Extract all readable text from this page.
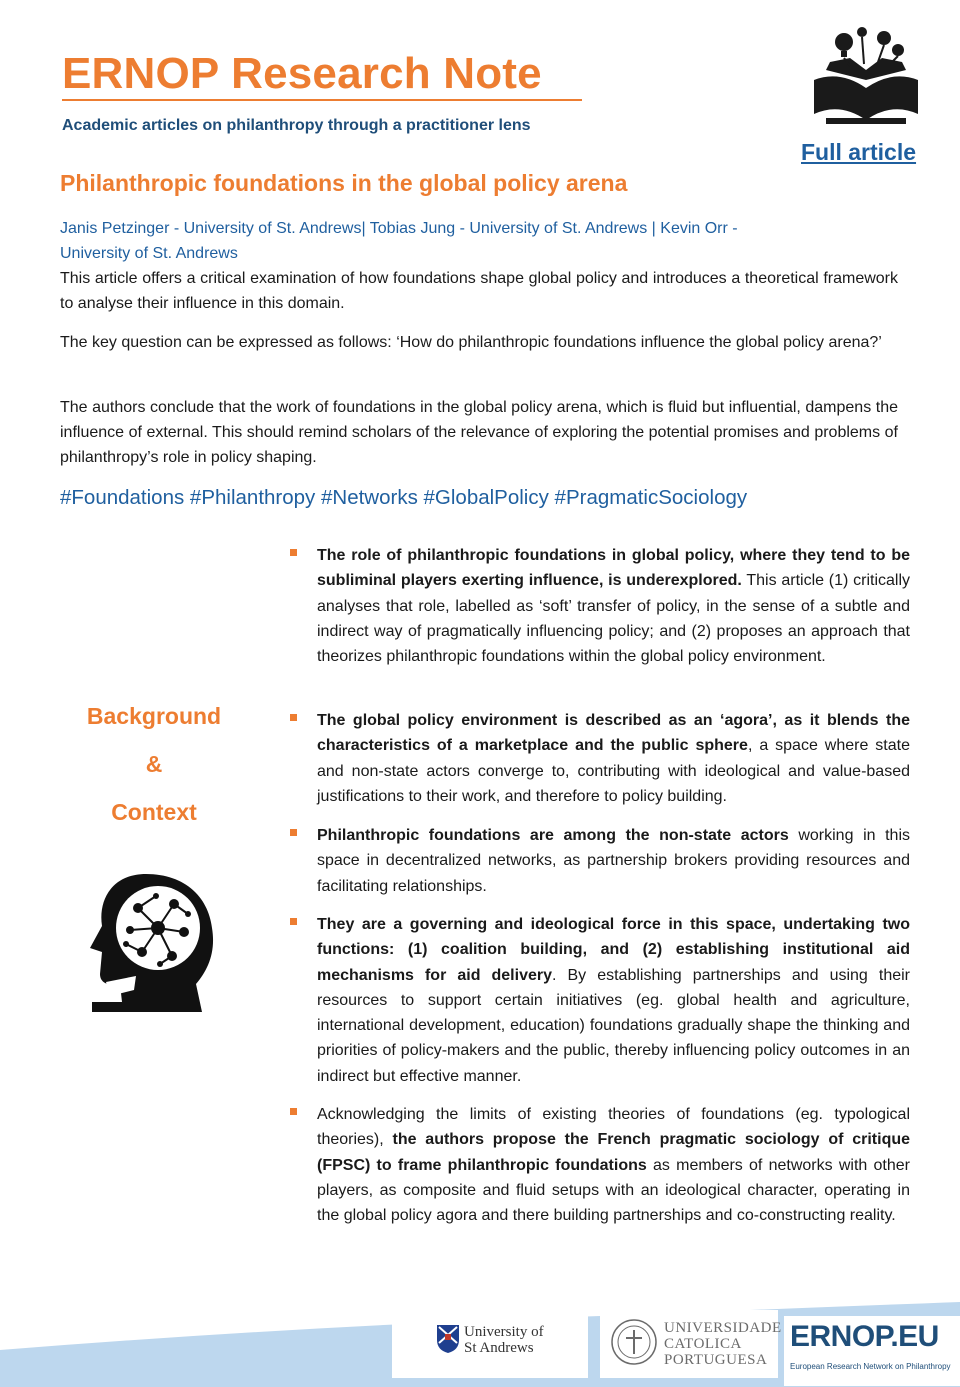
ERNOP Research Note
Academic articles on philanthropy through a practitioner lens
Full article
Philanthropic foundations in the global policy arena
Janis Petzinger - University of St. Andrews| Tobias Jung - University of St. Andrews | Kevin Orr -
University of St. Andrews
This article offers a critical examination of how foundations shape global policy and introduces a theoretical framework to analyse their influence in this domain.
The key question can be expressed as follows: ‘How do philanthropic foundations influence the global policy arena?’
The authors conclude that the work of foundations in the global policy arena, which is fluid but influential, dampens the influence of external. This should remind scholars of the relevance of exploring the potential promises and problems of philanthropy’s role in policy shaping.
#Foundations #Philanthropy #Networks #GlobalPolicy #PragmaticSociology
Background
&
Context
The role of philanthropic foundations in global policy, where they tend to be subliminal players exerting influence, is underexplored. This article (1) critically analyses that role, labelled as ‘soft’ transfer of policy, in the sense of a subtle and indirect way of pragmatically influencing policy; and (2) proposes an approach that theorizes philanthropic foundations within the global policy environment.
The global policy environment is described as an ‘agora’, as it blends the characteristics of a marketplace and the public sphere, a space where state and non-state actors converge to, contributing with ideological and value-based justifications to their work, and therefore to policy building.
Philanthropic foundations are among the non-state actors working in this space in decentralized networks, as partnership brokers providing resources and facilitating relationships.
They are a governing and ideological force in this space, undertaking two functions: (1) coalition building, and (2) establishing institutional aid mechanisms for aid delivery. By establishing partnerships and using their resources to support certain initiatives (eg. global health and agriculture, international development, education) foundations gradually shape the thinking and priorities of policy-makers and the public, thereby influencing policy outcomes in an indirect but effective manner.
Acknowledging the limits of existing theories of foundations (eg. typological theories), the authors propose the French pragmatic sociology of critique (FPSC) to frame philanthropic foundations as members of networks with other players, as composite and fluid setups with an ideological character, operating in the global policy agora and there building partnerships and co-constructing reality.
University of
St Andrews
UNIVERSIDADE
CATOLICA
PORTUGUESA
ERNOP.EU
European Research Network on Philanthropy
